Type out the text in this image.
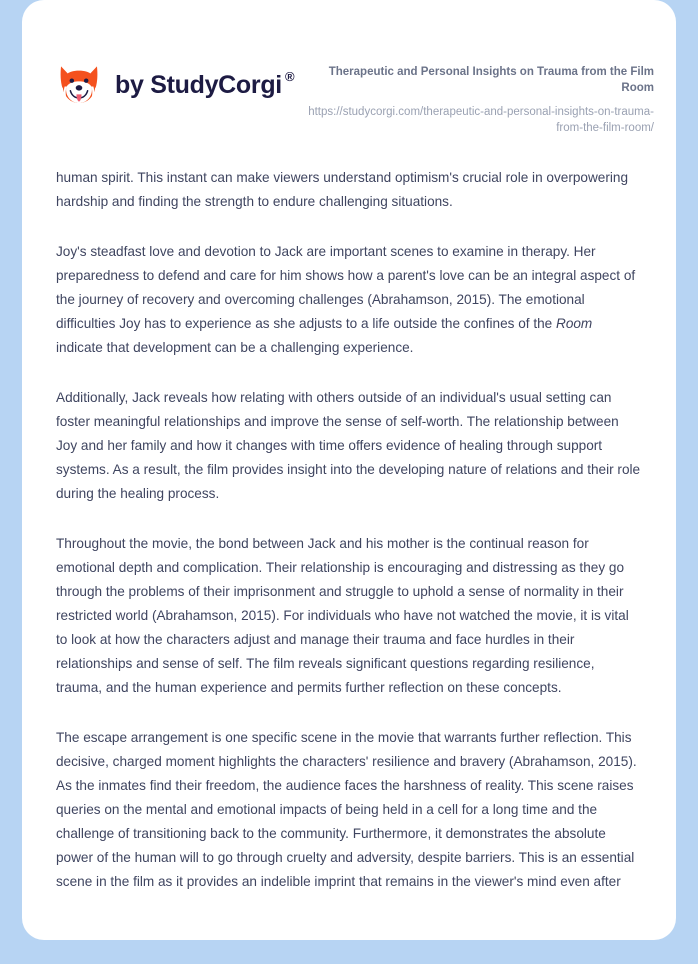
by StudyCorgi ®	Therapeutic and Personal Insights on Trauma from the Film Room
https://studycorgi.com/therapeutic-and-personal-insights-on-trauma-from-the-film-room/

human spirit. This instant can make viewers understand optimism's crucial role in overpowering hardship and finding the strength to endure challenging situations.

Joy's steadfast love and devotion to Jack are important scenes to examine in therapy. Her preparedness to defend and care for him shows how a parent's love can be an integral aspect of the journey of recovery and overcoming challenges (Abrahamson, 2015). The emotional difficulties Joy has to experience as she adjusts to a life outside the confines of the Room indicate that development can be a challenging experience.

Additionally, Jack reveals how relating with others outside of an individual's usual setting can foster meaningful relationships and improve the sense of self-worth. The relationship between Joy and her family and how it changes with time offers evidence of healing through support systems. As a result, the film provides insight into the developing nature of relations and their role during the healing process.

Throughout the movie, the bond between Jack and his mother is the continual reason for emotional depth and complication. Their relationship is encouraging and distressing as they go through the problems of their imprisonment and struggle to uphold a sense of normality in their restricted world (Abrahamson, 2015). For individuals who have not watched the movie, it is vital to look at how the characters adjust and manage their trauma and face hurdles in their relationships and sense of self. The film reveals significant questions regarding resilience, trauma, and the human experience and permits further reflection on these concepts.

The escape arrangement is one specific scene in the movie that warrants further reflection. This decisive, charged moment highlights the characters' resilience and bravery (Abrahamson, 2015). As the inmates find their freedom, the audience faces the harshness of reality. This scene raises queries on the mental and emotional impacts of being held in a cell for a long time and the challenge of transitioning back to the community. Furthermore, it demonstrates the absolute power of the human will to go through cruelty and adversity, despite barriers. This is an essential scene in the film as it provides an indelible imprint that remains in the viewer's mind even after
